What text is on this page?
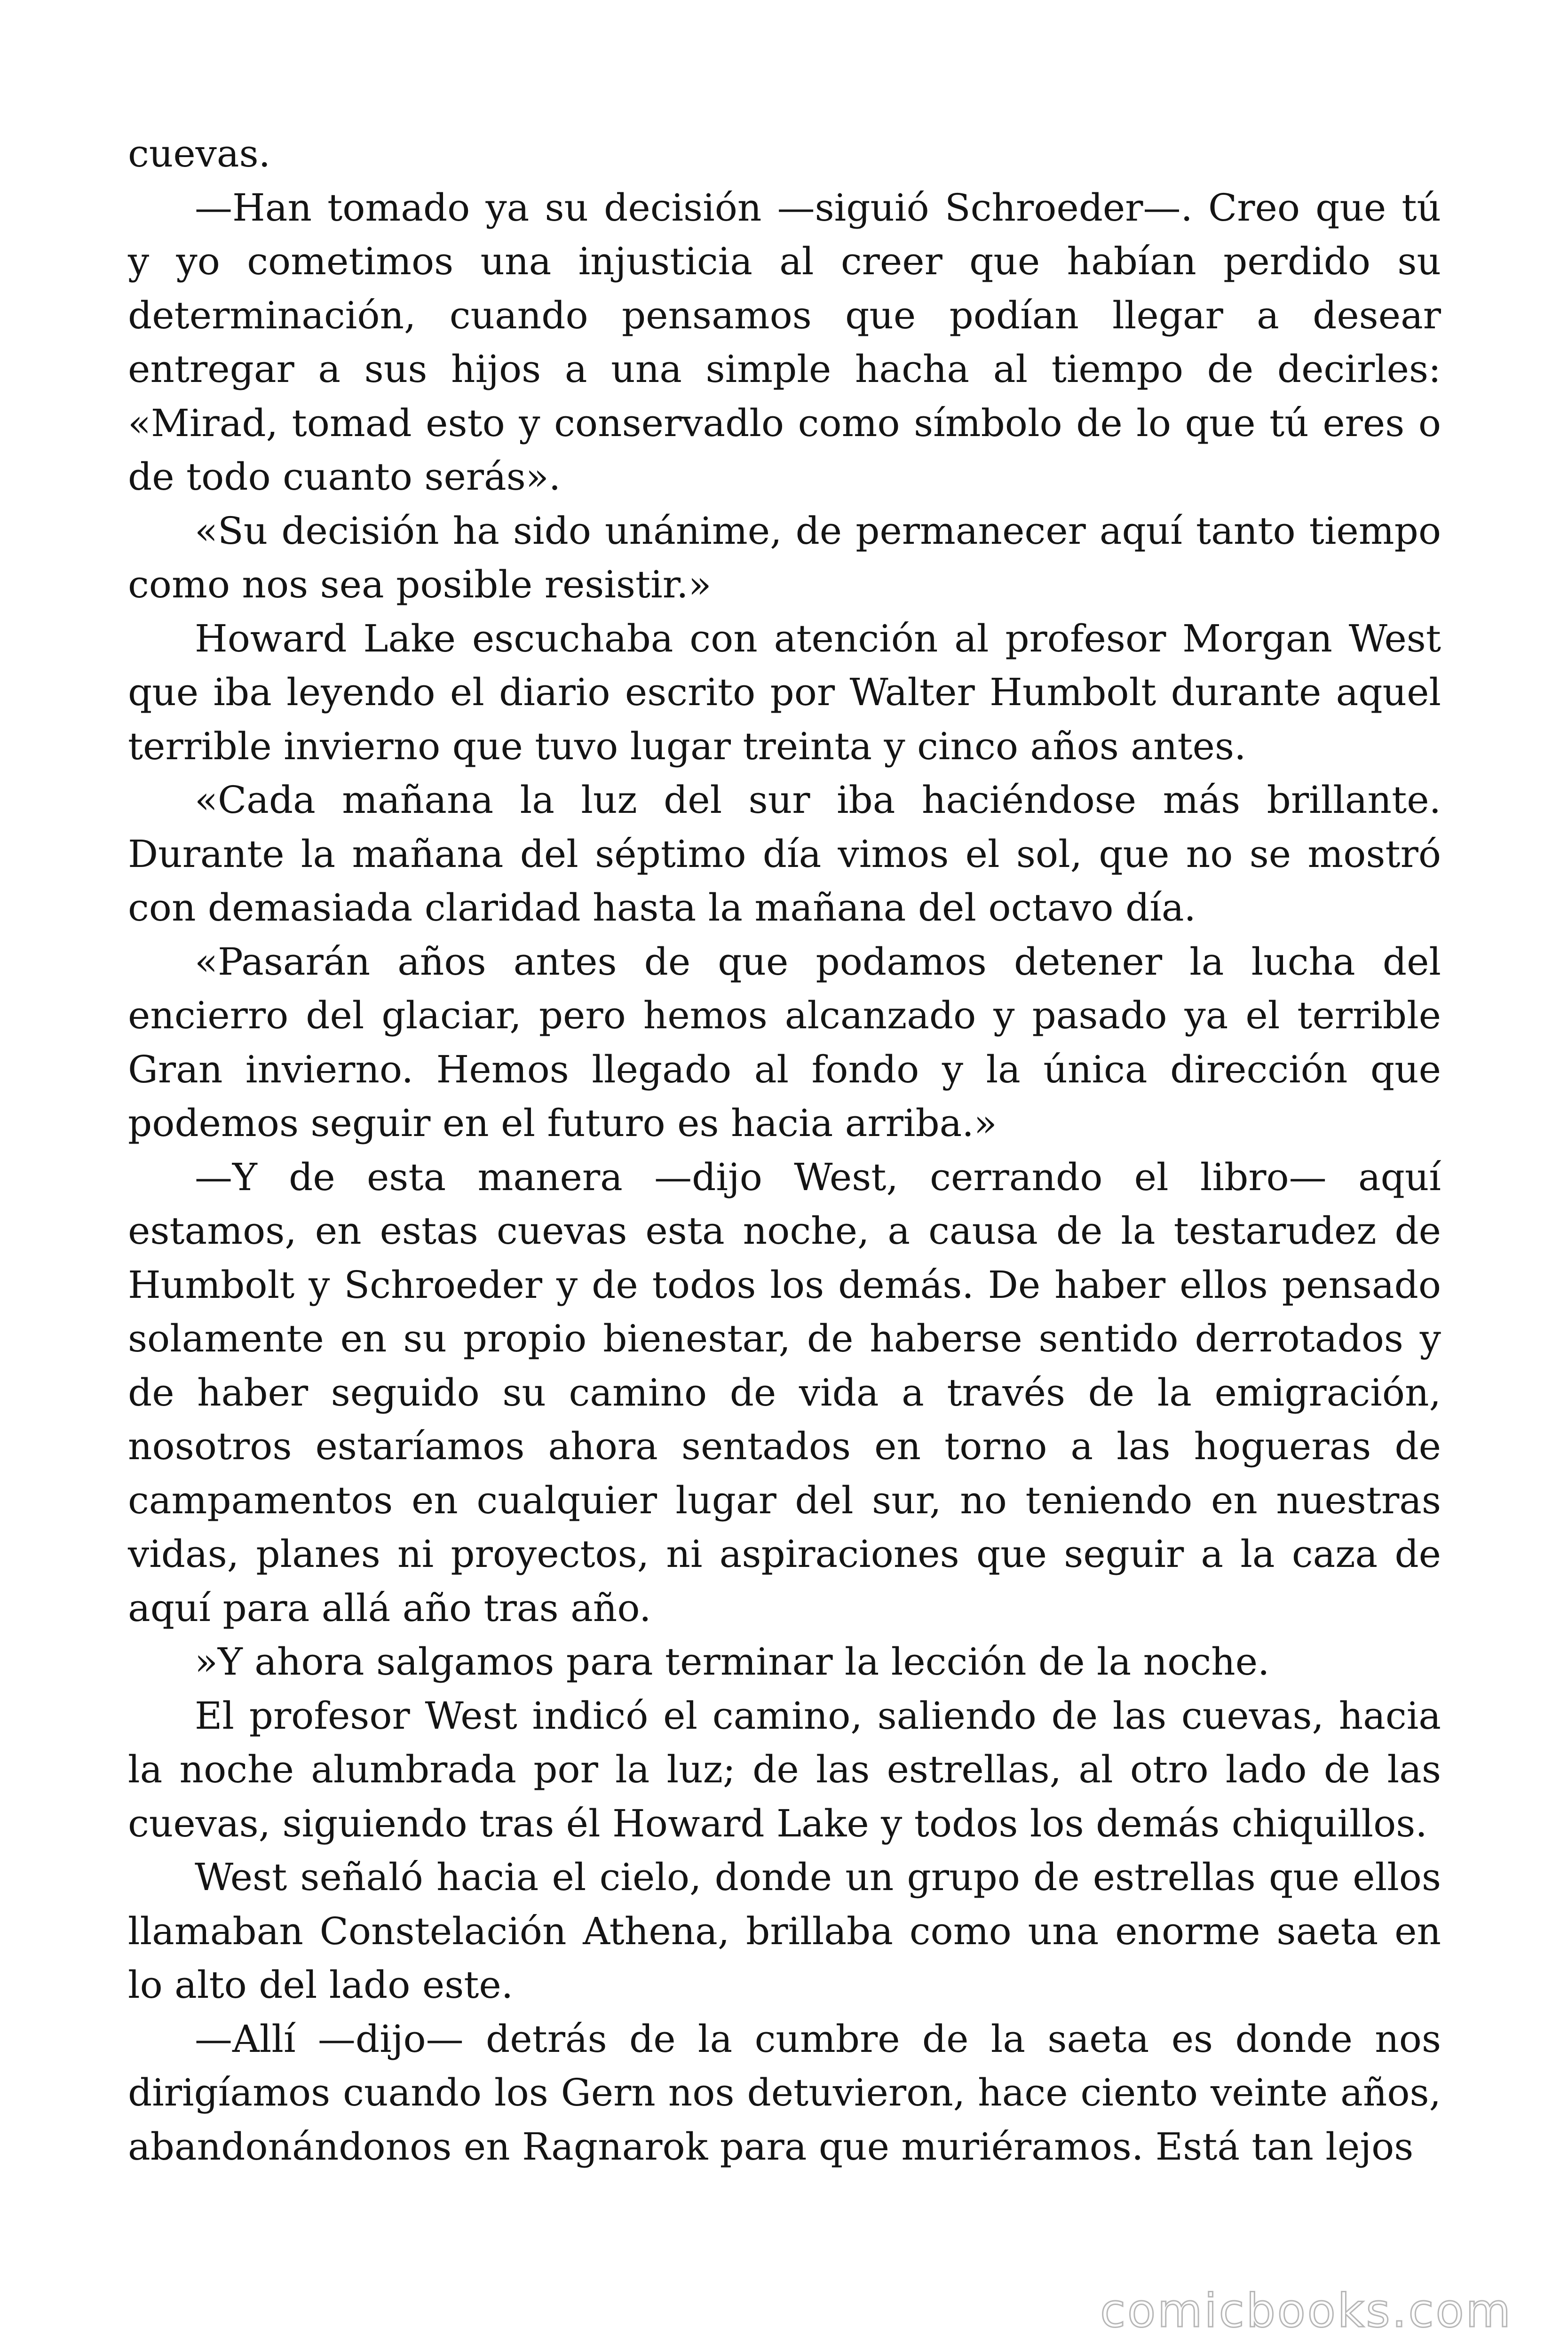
cuevas.

—Han tomado ya su decisión —siguió Schroeder—. Creo que tú y yo cometimos una injusticia al creer que habían perdido su determinación, cuando pensamos que podían llegar a desear entregar a sus hijos a una simple hacha al tiempo de decirles: «Mirad, tomad esto y conservadlo como símbolo de lo que tú eres o de todo cuanto serás».

«Su decisión ha sido unánime, de permanecer aquí tanto tiempo como nos sea posible resistir.»

Howard Lake escuchaba con atención al profesor Morgan West que iba leyendo el diario escrito por Walter Humbolt durante aquel terrible invierno que tuvo lugar treinta y cinco años antes.

«Cada mañana la luz del sur iba haciéndose más brillante. Durante la mañana del séptimo día vimos el sol, que no se mostró con demasiada claridad hasta la mañana del octavo día.

«Pasarán años antes de que podamos detener la lucha del encierro del glaciar, pero hemos alcanzado y pasado ya el terrible Gran invierno. Hemos llegado al fondo y la única dirección que podemos seguir en el futuro es hacia arriba.»

—Y de esta manera —dijo West, cerrando el libro— aquí estamos, en estas cuevas esta noche, a causa de la testarudez de Humbolt y Schroeder y de todos los demás. De haber ellos pensado solamente en su propio bienestar, de haberse sentido derrotados y de haber seguido su camino de vida a través de la emigración, nosotros estaríamos ahora sentados en torno a las hogueras de campamentos en cualquier lugar del sur, no teniendo en nuestras vidas, planes ni proyectos, ni aspiraciones que seguir a la caza de aquí para allá año tras año.

»Y ahora salgamos para terminar la lección de la noche.

El profesor West indicó el camino, saliendo de las cuevas, hacia la noche alumbrada por la luz; de las estrellas, al otro lado de las cuevas, siguiendo tras él Howard Lake y todos los demás chiquillos.

West señaló hacia el cielo, donde un grupo de estrellas que ellos llamaban Constelación Athena, brillaba como una enorme saeta en lo alto del lado este.

—Allí —dijo— detrás de la cumbre de la saeta es donde nos dirigíamos cuando los Gern nos detuvieron, hace ciento veinte años, abandonándonos en Ragnarok para que muriéramos. Está tan lejos

comicbooks.com
